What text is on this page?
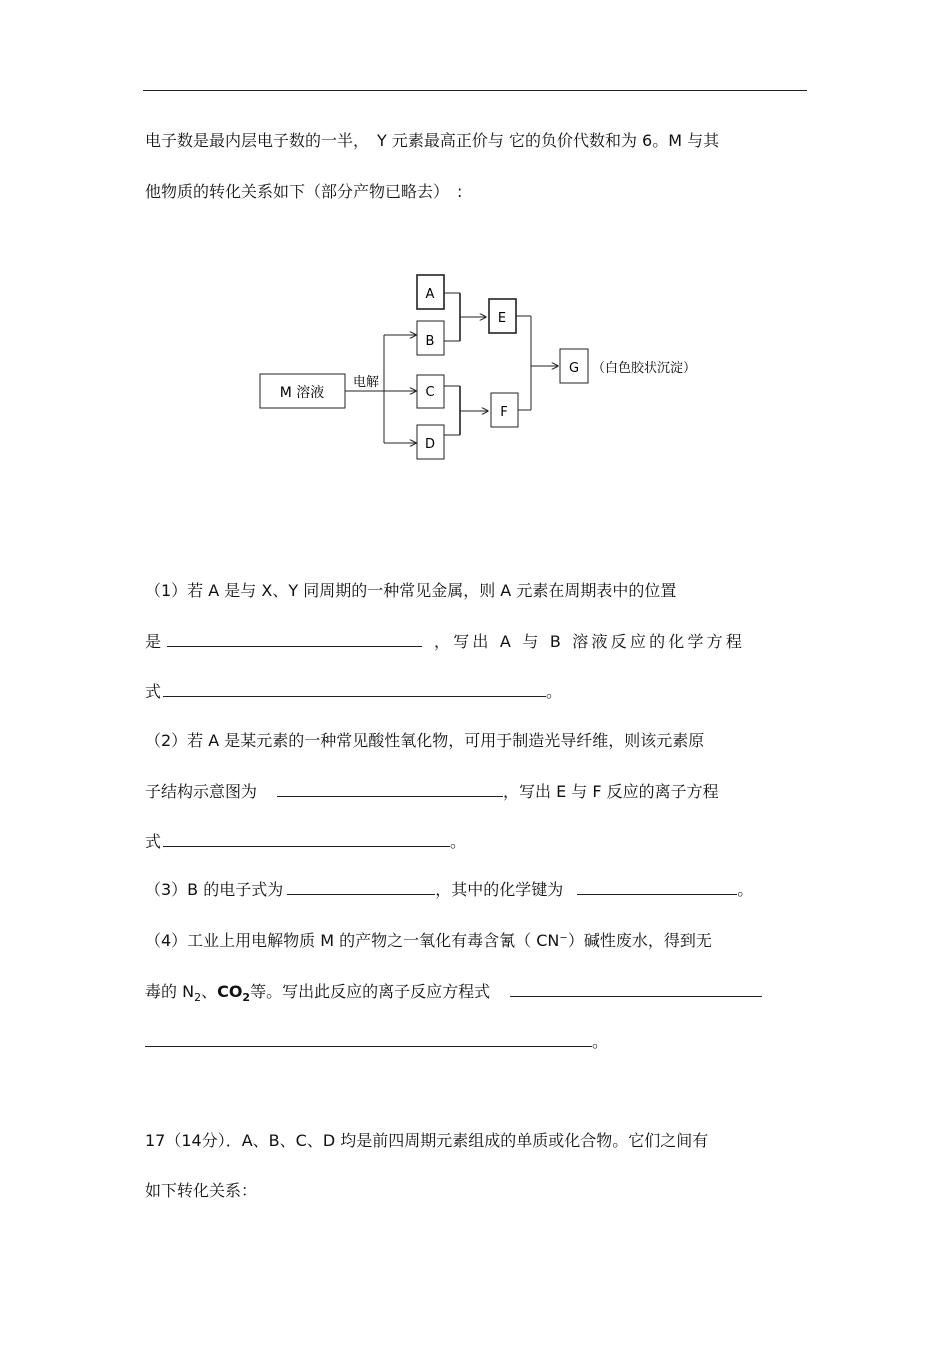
电子数是最内层电子数的一半，　Y 元素最高正价与 它的负价代数和为 6。M 与其
他物质的转化关系如下（部分产物已略去）　:
M 溶液
电解
A
B
C
D
E
F
G （白色胶状沉淀）
（1）若 A 是与 X、Y 同周期的一种常见金属，则 A 元素在周期表中的位置
是	，写出 A 与 B 溶液反应的化学方程
式	。
（2）若 A 是某元素的一种常见酸性氧化物，可用于制造光导纤维，则该元素原
子结构示意图为	，写出 E 与 F 反应的离子方程
式	。
（3）B 的电子式为	，其中的化学键为	。
（4）工业上用电解物质 M 的产物之一氧化有毒含氰（ CN⁻）碱性废水，得到无
毒的 $N_2$、$CO_2$等。写出此反应的离子反应方程式
。
17（14分）．A、B、C、D 均是前四周期元素组成的单质或化合物。它们之间有
如下转化关系：
